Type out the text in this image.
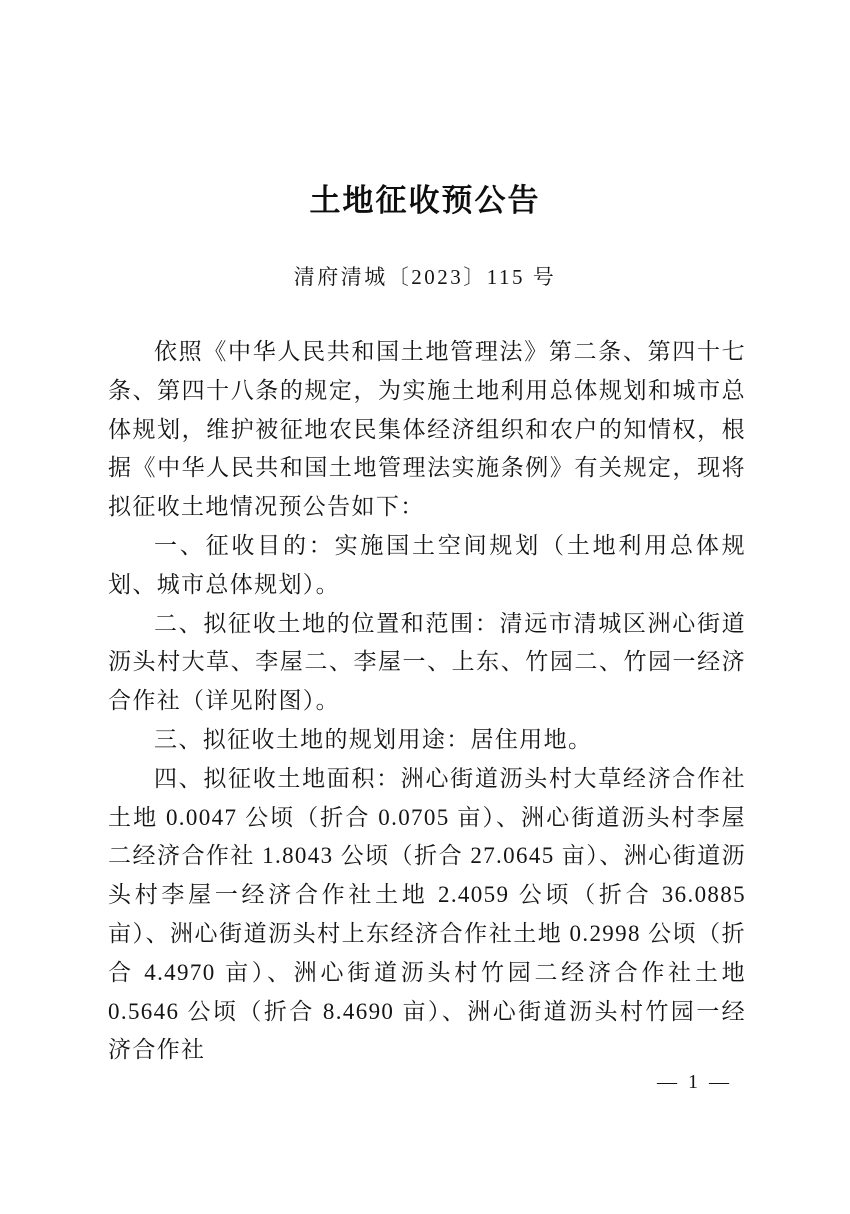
土地征收预公告
清府清城〔2023〕115 号

依照《中华人民共和国土地管理法》第二条、第四十七条、第四十八条的规定，为实施土地利用总体规划和城市总体规划，维护被征地农民集体经济组织和农户的知情权，根据《中华人民共和国土地管理法实施条例》有关规定，现将拟征收土地情况预公告如下：

一、征收目的：实施国土空间规划（土地利用总体规划、城市总体规划）。

二、拟征收土地的位置和范围：清远市清城区洲心街道沥头村大草、李屋二、李屋一、上东、竹园二、竹园一经济合作社（详见附图）。

三、拟征收土地的规划用途：居住用地。

四、拟征收土地面积：洲心街道沥头村大草经济合作社土地 0.0047 公顷（折合 0.0705 亩）、洲心街道沥头村李屋二经济合作社 1.8043 公顷（折合 27.0645 亩）、洲心街道沥头村李屋一经济合作社土地 2.4059 公顷（折合 36.0885 亩）、洲心街道沥头村上东经济合作社土地 0.2998 公顷（折合 4.4970 亩）、洲心街道沥头村竹园二经济合作社土地 0.5646 公顷（折合 8.4690 亩）、洲心街道沥头村竹园一经济合作社

— 1 —
